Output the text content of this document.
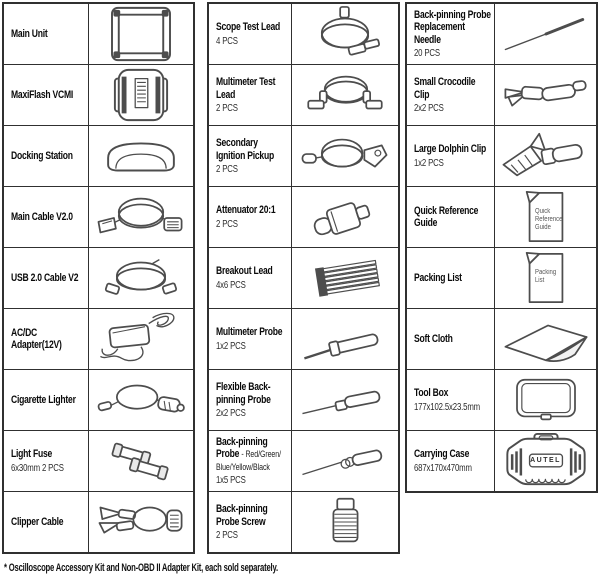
Main Unit
MaxiFlash VCMI
Docking Station
Main Cable V2.0
USB 2.0 Cable V2
AC/DC Adapter(12V)
Cigarette Lighter
Light Fuse
6x30mm 2 PCS
Clipper Cable
Scope Test Lead
4 PCS
Multimeter Test Lead
2 PCS
Secondary Ignition Pickup
2 PCS
Attenuator 20:1
2 PCS
Breakout Lead
4x6 PCS
Multimeter Probe
1x2 PCS
Flexible Back-pinning Probe
2x2 PCS
Back-pinning Probe - Red/Green/ Blue/Yellow/Black
1x5 PCS
Back-pinning Probe Screw
2 PCS
Back-pinning Probe Replacement Needle
20 PCS
Small Crocodile Clip
2x2 PCS
Large Dolphin Clip
1x2 PCS
Quick Reference Guide
Quick Reference Guide
Packing List	Packing List
Soft Cloth
Tool Box
177x102.5x23.5mm
Carrying Case
687x170x470mm
AUTEL
* Oscilloscope Accessory Kit and Non-OBD II Adapter Kit, each sold separately.
